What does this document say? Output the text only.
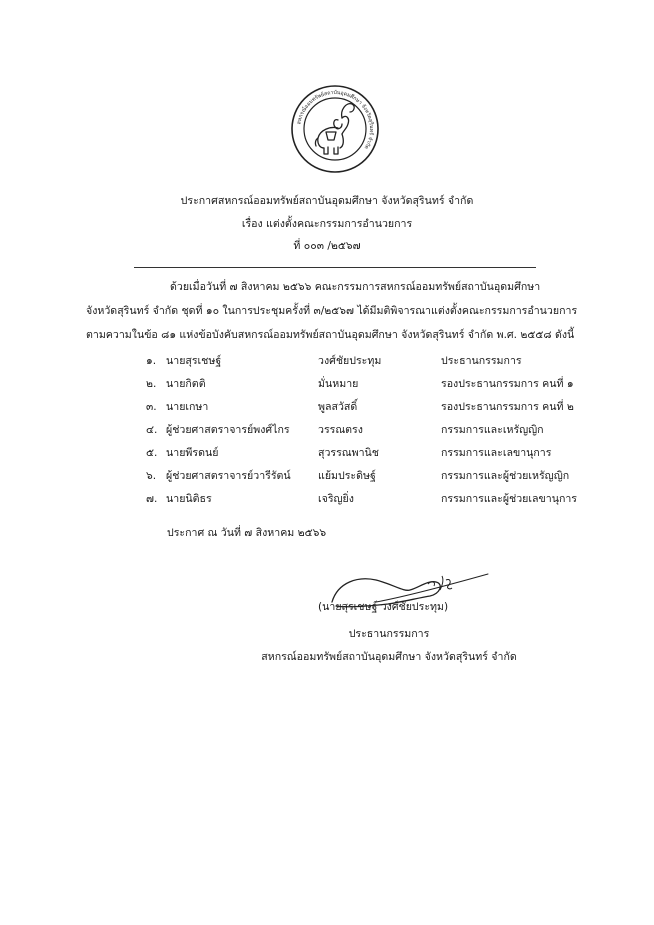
สหกรณ์ออมทรัพย์สถาบันอุดมศึกษา จังหวัดสุรินทร์ จำกัด
ประกาศสหกรณ์ออมทรัพย์สถาบันอุดมศึกษา จังหวัดสุรินทร์ จำกัด
เรื่อง แต่งตั้งคณะกรรมการอำนวยการ
ที่ ๐๐๓ /๒๕๖๗
ด้วยเมื่อวันที่ ๗ สิงหาคม ๒๕๖๖ คณะกรรมการสหกรณ์ออมทรัพย์สถาบันอุดมศึกษา
จังหวัดสุรินทร์ จำกัด ชุดที่ ๑๐ ในการประชุมครั้งที่ ๓/๒๕๖๗ ได้มีมติพิจารณาแต่งตั้งคณะกรรมการอำนวยการ
ตามความในข้อ ๘๑ แห่งข้อบังคับสหกรณ์ออมทรัพย์สถาบันอุดมศึกษา จังหวัดสุรินทร์ จำกัด พ.ศ. ๒๕๕๘ ดังนี้
๑. นายสุรเชษฐ์	วงศ์ชัยประทุม	ประธานกรรมการ
๒. นายกิตติ	มั่นหมาย	รองประธานกรรมการ คนที่ ๑
๓. นายเกษา	พูลสวัสดิ์	รองประธานกรรมการ คนที่ ๒
๔. ผู้ช่วยศาสตราจารย์พงศ์ไกร	วรรณตรง	กรรมการและเหรัญญิก
๕. นายพีรดนย์	สุวรรณพานิช	กรรมการและเลขานุการ
๖. ผู้ช่วยศาสตราจารย์วารีรัตน์	แย้มประดิษฐ์	กรรมการและผู้ช่วยเหรัญญิก
๗. นายนิติธร	เจริญยิ่ง	กรรมการและผู้ช่วยเลขานุการ
ประกาศ ณ วันที่ ๗ สิงหาคม ๒๕๖๖
(นายสุรเชษฐ์ วงศ์ชัยประทุม)
ประธานกรรมการ
สหกรณ์ออมทรัพย์สถาบันอุดมศึกษา จังหวัดสุรินทร์ จำกัด
